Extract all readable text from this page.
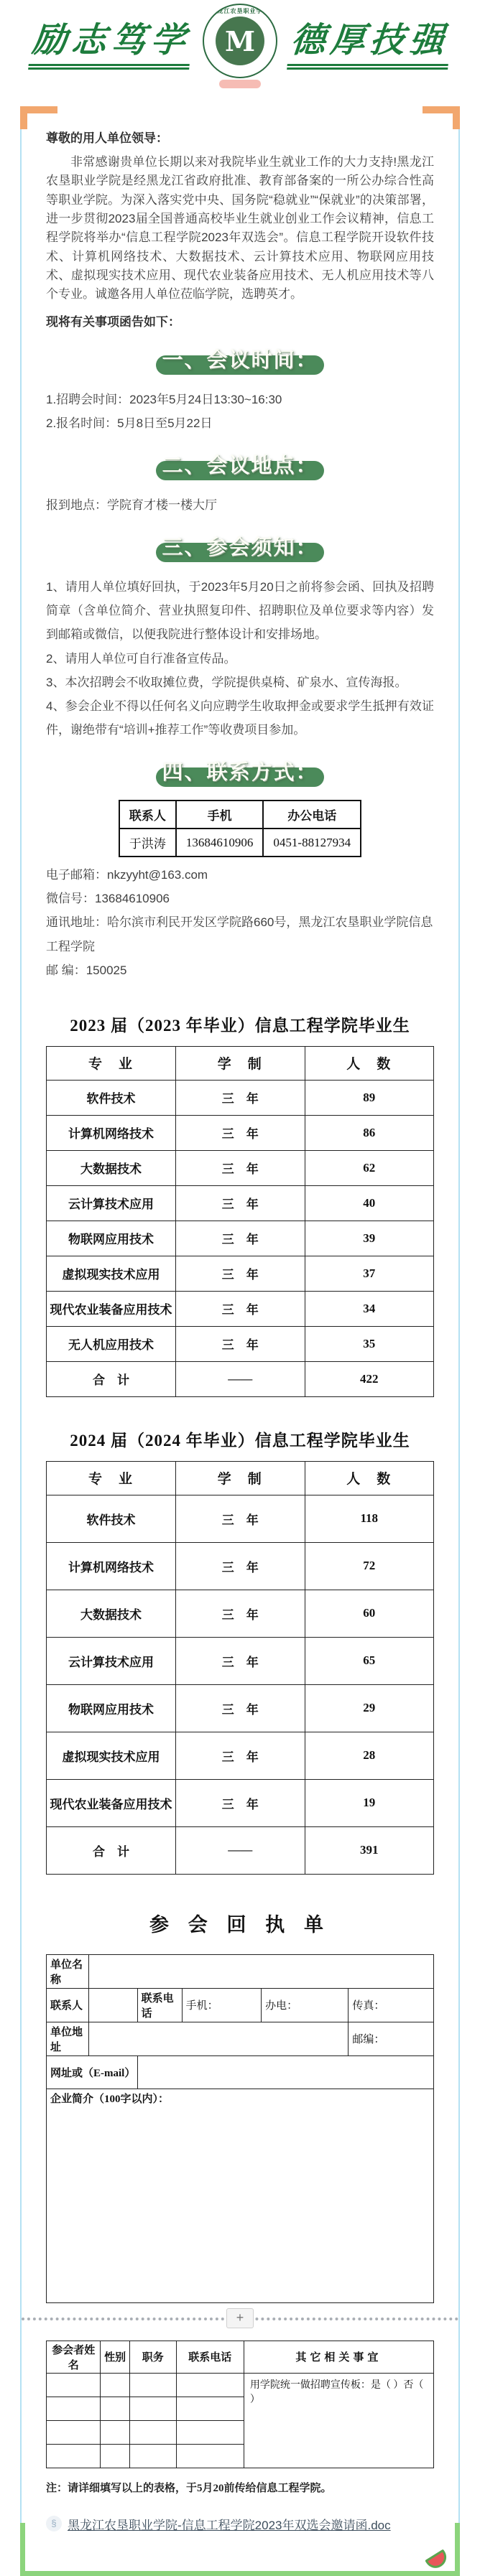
励志笃学
黑龙江农垦职业学院
M 德厚技强

尊敬的用人单位领导：

非常感谢贵单位长期以来对我院毕业生就业工作的大力支持!黑龙江农垦职业学院是经黑龙江省政府批准、教育部备案的一所公办综合性高等职业学院。为深入落实党中央、国务院“稳就业”“保就业”的决策部署，进一步贯彻2023届全国普通高校毕业生就业创业工作会议精神，信息工程学院将举办“信息工程学院2023年双选会”。信息工程学院开设软件技术、计算机网络技术、大数据技术、云计算技术应用、物联网应用技术、虚拟现实技术应用、现代农业装备应用技术、无人机应用技术等八个专业。诚邀各用人单位莅临学院，选聘英才。

现将有关事项函告如下：

一、会议时间：

1.招聘会时间：2023年5月24日13:30~16:30

2.报名时间：5月8日至5月22日

二、会议地点：

报到地点：学院育才楼一楼大厅

三、参会须知：

1、请用人单位填好回执，于2023年5月20日之前将参会函、回执及招聘简章（含单位简介、营业执照复印件、招聘职位及单位要求等内容）发到邮箱或微信，以便我院进行整体设计和安排场地。

2、请用人单位可自行准备宣传品。

3、本次招聘会不收取摊位费，学院提供桌椅、矿泉水、宣传海报。

4、参会企业不得以任何名义向应聘学生收取押金或要求学生抵押有效证件，谢绝带有“培训+推荐工作”等收费项目参加。

四、联系方式：
联系人	手机	办公电话
于洪涛	13684610906	0451-88127934

电子邮箱：nkzyyht@163.com

微信号：13684610906

通讯地址：哈尔滨市利民开发区学院路660号，黑龙江农垦职业学院信息工程学院

邮 编：150025

2023 届（2023 年毕业）信息工程学院毕业生
专　业	学　制	人　数
软件技术	三　年	89
计算机网络技术	三　年	86
大数据技术	三　年	62
云计算技术应用	三　年	40
物联网应用技术	三　年	39
虚拟现实技术应用	三　年	37
现代农业装备应用技术	三　年	34
无人机应用技术	三　年	35
合　计	——	422
2024 届（2024 年毕业）信息工程学院毕业生
专　业	学　制	人　数
软件技术	三　年	118
计算机网络技术	三　年	72
大数据技术	三　年	60
云计算技术应用	三　年	65
物联网应用技术	三　年	29
虚拟现实技术应用	三　年	28
现代农业装备应用技术	三　年	19
合　计	——	391
参 会 回 执 单
单位名称					
联系人		联系电话	手机：	办电：	传真：
单位地址					邮编：
网址或（E-mail）					
企业简介（100字以内）：					
+
参会者姓名	性别	职务	联系电话	其它相关事宜
				用学院统一做招聘宣传板：是（ ）否（ ）

注：请详细填写以上的表格，于5月20前传给信息工程学院。

§ 黑龙江农垦职业学院-信息工程学院2023年双选会邀请函.doc
